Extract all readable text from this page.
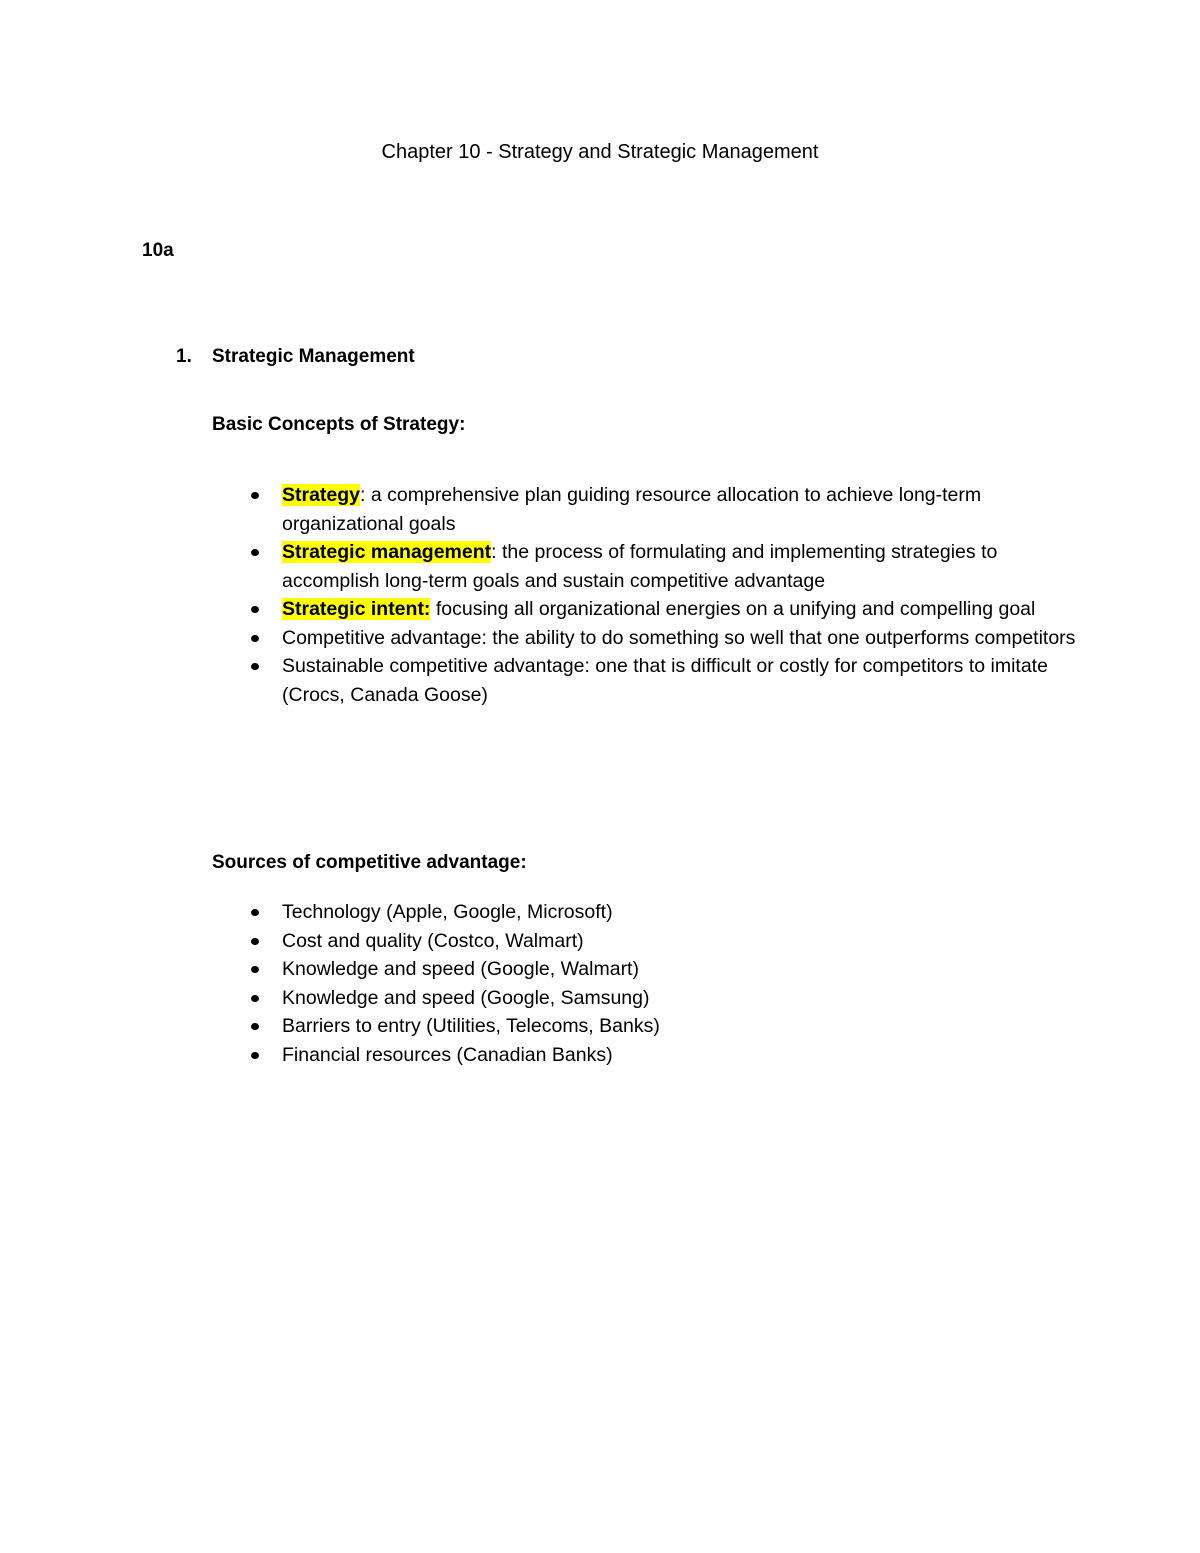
Chapter 10 - Strategy and Strategic Management
10a
1. Strategic Management
Basic Concepts of Strategy:
Strategy: a comprehensive plan guiding resource allocation to achieve long-term organizational goals
Strategic management: the process of formulating and implementing strategies to accomplish long-term goals and sustain competitive advantage
Strategic intent: focusing all organizational energies on a unifying and compelling goal
Competitive advantage: the ability to do something so well that one outperforms competitors
Sustainable competitive advantage: one that is difficult or costly for competitors to imitate (Crocs, Canada Goose)
Sources of competitive advantage:
Technology (Apple, Google, Microsoft)
Cost and quality (Costco, Walmart)
Knowledge and speed (Google, Walmart)
Knowledge and speed (Google, Samsung)
Barriers to entry (Utilities, Telecoms, Banks)
Financial resources (Canadian Banks)
